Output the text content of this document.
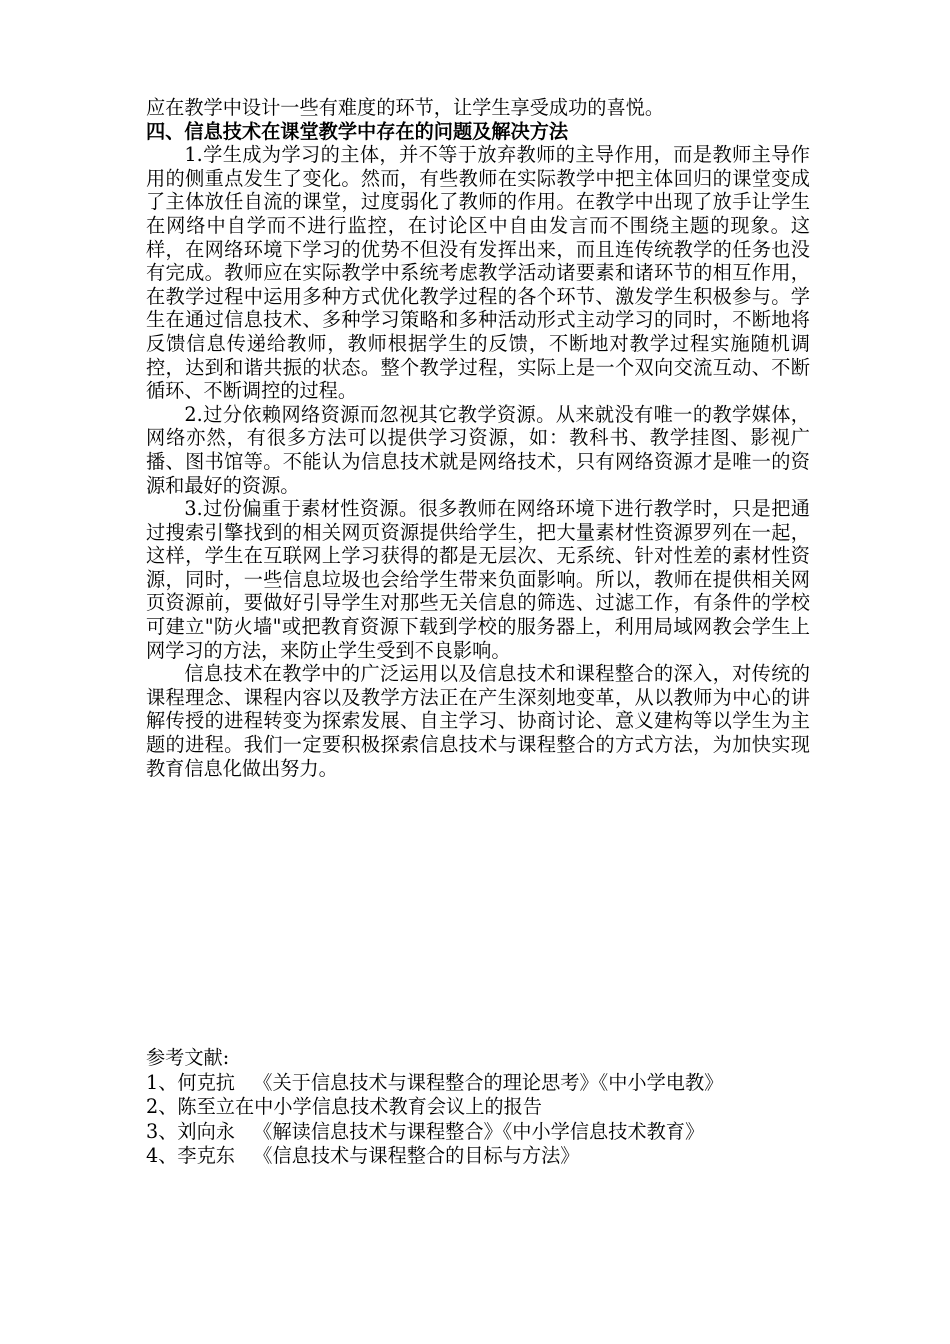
应在教学中设计一些有难度的环节，让学生享受成功的喜悦。

四、信息技术在课堂教学中存在的问题及解决方法

1.学生成为学习的主体，并不等于放弃教师的主导作用，而是教师主导作用的侧重点发生了变化。然而，有些教师在实际教学中把主体回归的课堂变成了主体放任自流的课堂，过度弱化了教师的作用。在教学中出现了放手让学生在网络中自学而不进行监控，在讨论区中自由发言而不围绕主题的现象。这样，在网络环境下学习的优势不但没有发挥出来，而且连传统教学的任务也没有完成。教师应在实际教学中系统考虑教学活动诸要素和诸环节的相互作用，在教学过程中运用多种方式优化教学过程的各个环节、激发学生积极参与。学生在通过信息技术、多种学习策略和多种活动形式主动学习的同时，不断地将反馈信息传递给教师，教师根据学生的反馈，不断地对教学过程实施随机调控，达到和谐共振的状态。整个教学过程，实际上是一个双向交流互动、不断循环、不断调控的过程。

2.过分依赖网络资源而忽视其它教学资源。从来就没有唯一的教学媒体，网络亦然，有很多方法可以提供学习资源，如：教科书、教学挂图、影视广播、图书馆等。不能认为信息技术就是网络技术，只有网络资源才是唯一的资源和最好的资源。

3.过份偏重于素材性资源。很多教师在网络环境下进行教学时，只是把通过搜索引擎找到的相关网页资源提供给学生，把大量素材性资源罗列在一起，这样，学生在互联网上学习获得的都是无层次、无系统、针对性差的素材性资源，同时，一些信息垃圾也会给学生带来负面影响。所以，教师在提供相关网页资源前，要做好引导学生对那些无关信息的筛选、过滤工作，有条件的学校可建立"防火墙"或把教育资源下载到学校的服务器上，利用局域网教会学生上网学习的方法，来防止学生受到不良影响。

信息技术在教学中的广泛运用以及信息技术和课程整合的深入，对传统的课程理念、课程内容以及教学方法正在产生深刻地变革，从以教师为中心的讲解传授的进程转变为探索发展、自主学习、协商讨论、意义建构等以学生为主题的进程。我们一定要积极探索信息技术与课程整合的方式方法，为加快实现教育信息化做出努力。

参考文献:
1、何克抗   《关于信息技术与课程整合的理论思考》《中小学电教》
2、陈至立在中小学信息技术教育会议上的报告
3、刘向永   《解读信息技术与课程整合》《中小学信息技术教育》
4、李克东   《信息技术与课程整合的目标与方法》
